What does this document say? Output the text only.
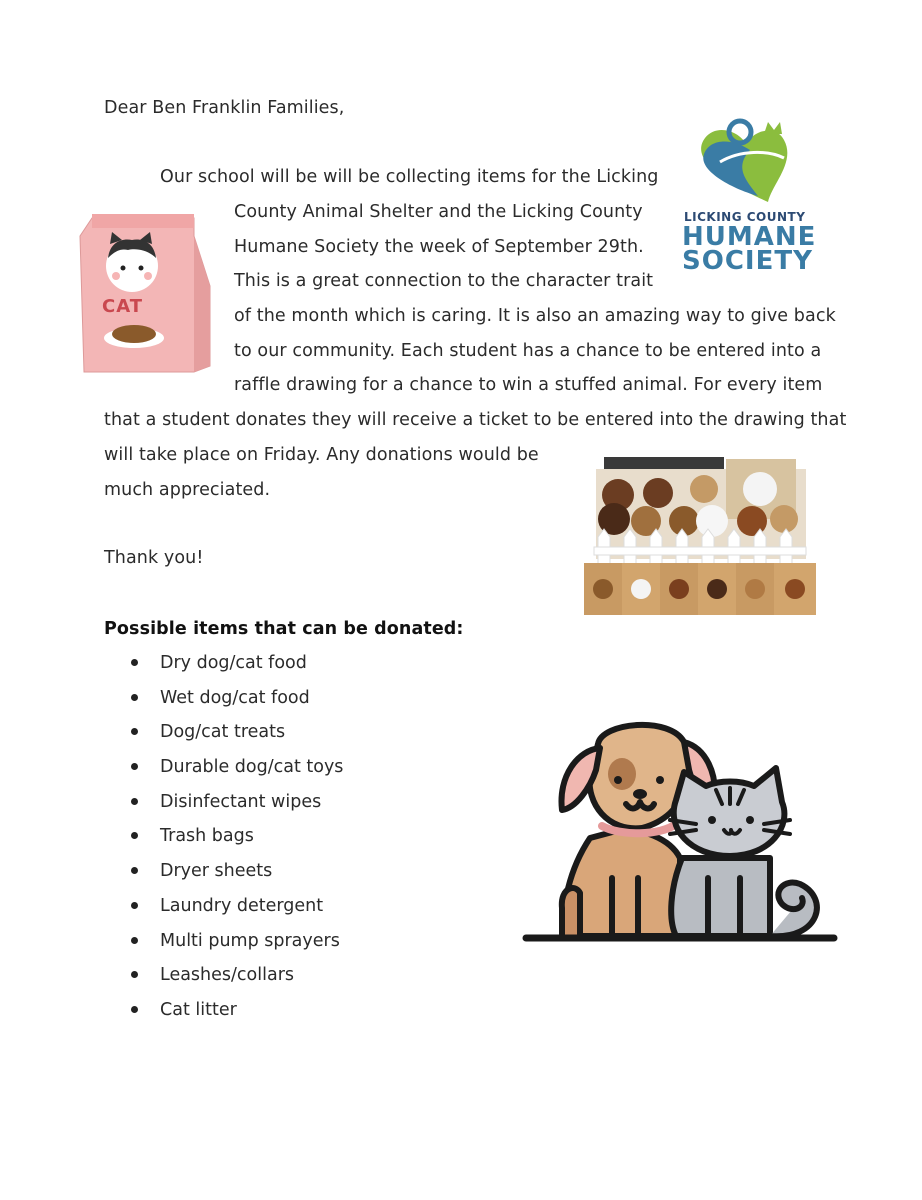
Dear Ben Franklin Families,
Our school will be will be collecting items for the Licking
County Animal Shelter and the Licking County
Humane Society the week of September 29th.
This is a great connection to the character trait
of the month which is caring. It is also an amazing way to give back
to our community. Each student has a chance to be entered into a
raffle drawing for a chance to win a stuffed animal. For every item
that a student donates they will receive a ticket to be entered into the drawing that
will take place on Friday. Any donations would be
much appreciated.
Thank you!
LICKING COUNTY
HUMANE
SOCIETY
CAT
Possible items that can be donated:
Dry dog/cat food
Wet dog/cat food
Dog/cat treats
Durable dog/cat toys
Disinfectant wipes
Trash bags
Dryer sheets
Laundry detergent
Multi pump sprayers
Leashes/collars
Cat litter
